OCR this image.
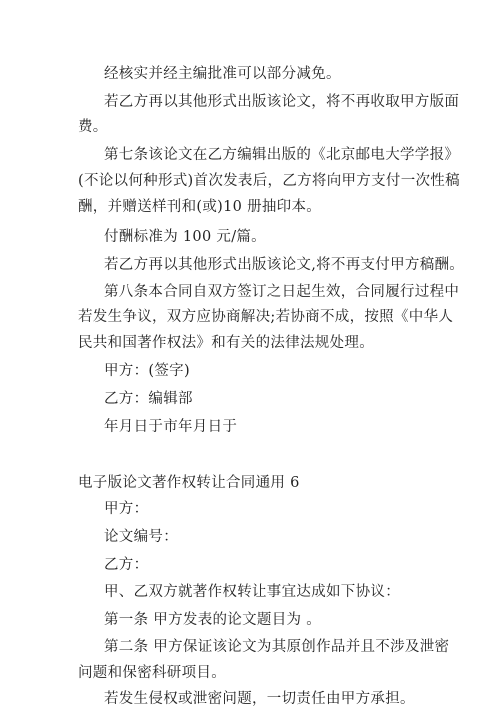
经核实并经主编批准可以部分减免。
若乙方再以其他形式出版该论文，将不再收取甲方版面
费。
第七条该论文在乙方编辑出版的《北京邮电大学学报》
(不论以何种形式)首次发表后，乙方将向甲方支付一次性稿
酬，并赠送样刊和(或)10 册抽印本。
付酬标准为 100 元/篇。
若乙方再以其他形式出版该论文,将不再支付甲方稿酬。
第八条本合同自双方签订之日起生效，合同履行过程中
若发生争议，双方应协商解决;若协商不成，按照《中华人
民共和国著作权法》和有关的法律法规处理。
甲方：(签字)
乙方：编辑部
年月日于市年月日于
电子版论文著作权转让合同通用 6
甲方：
论文编号：
乙方：
甲、乙双方就著作权转让事宜达成如下协议：
第一条 甲方发表的论文题目为 。
第二条 甲方保证该论文为其原创作品并且不涉及泄密
问题和保密科研项目。
若发生侵权或泄密问题，一切责任由甲方承担。
